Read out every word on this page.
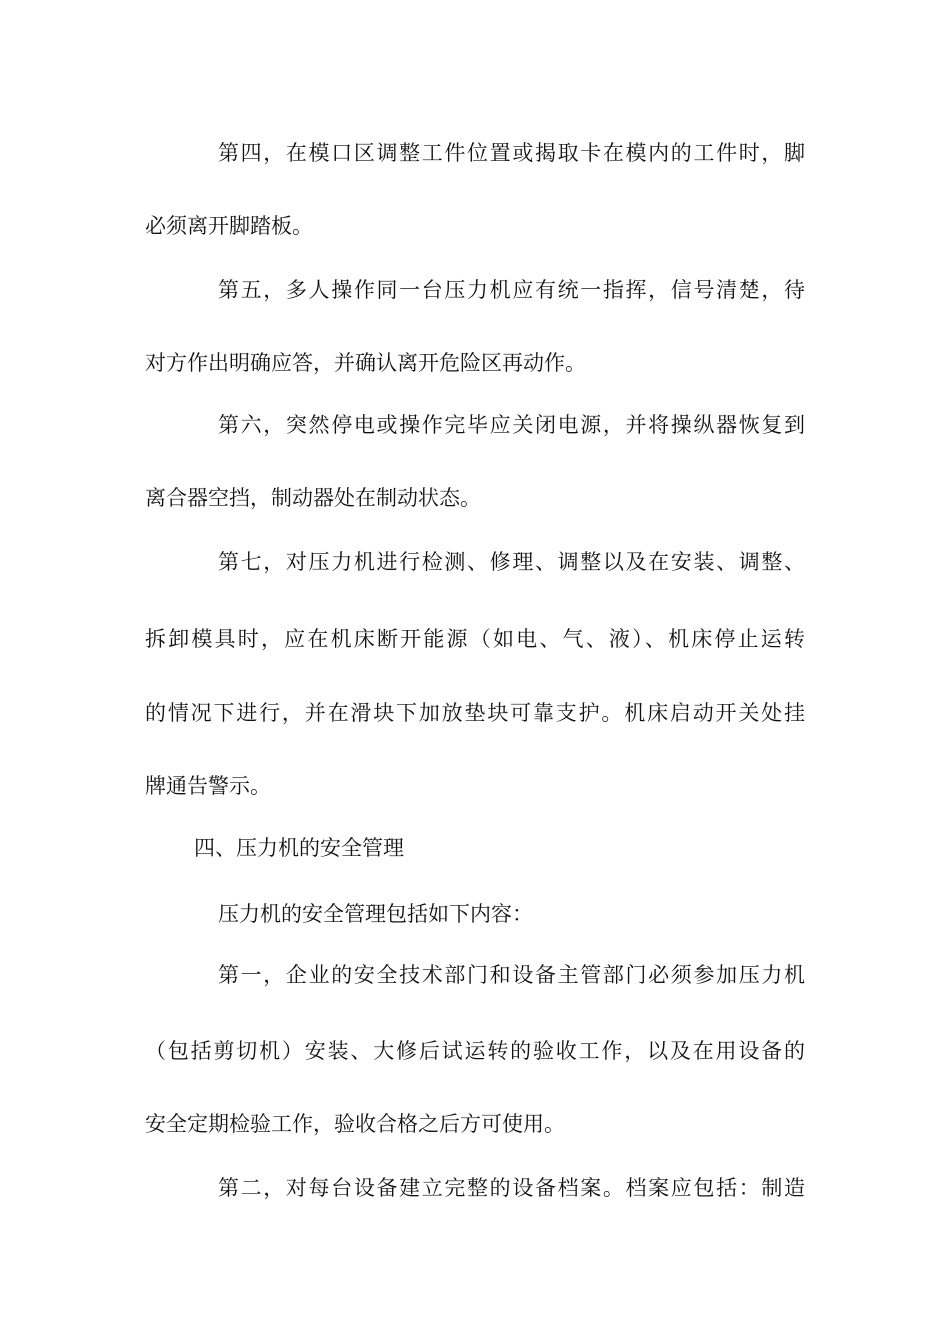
第四，在模口区调整工件位置或揭取卡在模内的工件时，脚
必须离开脚踏板。
第五，多人操作同一台压力机应有统一指挥，信号清楚，待
对方作出明确应答，并确认离开危险区再动作。
第六，突然停电或操作完毕应关闭电源，并将操纵器恢复到
离合器空挡，制动器处在制动状态。
第七，对压力机进行检测、修理、调整以及在安装、调整、
拆卸模具时，应在机床断开能源（如电、气、液）、机床停止运转
的情况下进行，并在滑块下加放垫块可靠支护。机床启动开关处挂
牌通告警示。
四、压力机的安全管理
压力机的安全管理包括如下内容：
第一，企业的安全技术部门和设备主管部门必须参加压力机
（包括剪切机）安装、大修后试运转的验收工作，以及在用设备的
安全定期检验工作，验收合格之后方可使用。
第二，对每台设备建立完整的设备档案。档案应包括：制造
